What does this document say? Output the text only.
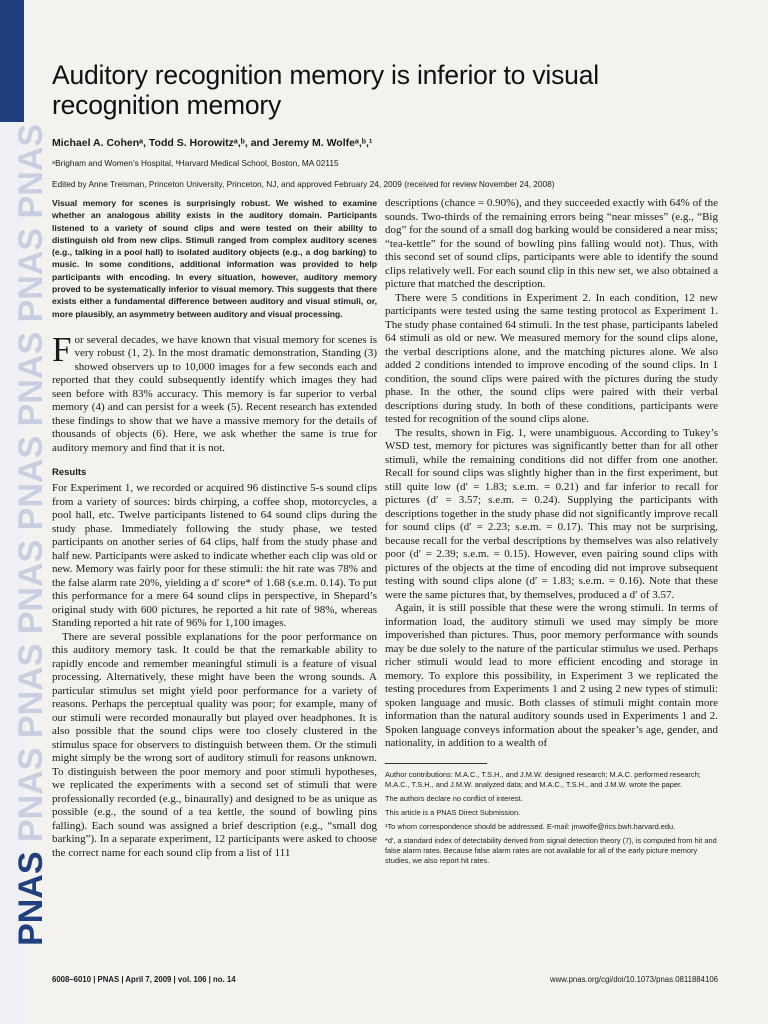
PNAS PNAS PNAS PNAS PNAS PNAS PNAS PNAS
Auditory recognition memory is inferior to visual recognition memory

Michael A. Cohenᵃ, Todd S. Horowitzᵃ,ᵇ, and Jeremy M. Wolfeᵃ,ᵇ,¹

ᵃBrigham and Women’s Hospital, ᵇHarvard Medical School, Boston, MA 02115

Edited by Anne Treisman, Princeton University, Princeton, NJ, and approved February 24, 2009 (received for review November 24, 2008)

Visual memory for scenes is surprisingly robust. We wished to examine whether an analogous ability exists in the auditory domain. Participants listened to a variety of sound clips and were tested on their ability to distinguish old from new clips. Stimuli ranged from complex auditory scenes (e.g., talking in a pool hall) to isolated auditory objects (e.g., a dog barking) to music. In some conditions, additional information was provided to help participants with encoding. In every situation, however, auditory memory proved to be systematically inferior to visual memory. This suggests that there exists either a fundamental difference between auditory and visual stimuli, or, more plausibly, an asymmetry between auditory and visual processing.

For several decades, we have known that visual memory for scenes is very robust (1, 2). In the most dramatic demonstration, Standing (3) showed observers up to 10,000 images for a few seconds each and reported that they could subsequently identify which images they had seen before with 83% accuracy. This memory is far superior to verbal memory (4) and can persist for a week (5). Recent research has extended these findings to show that we have a massive memory for the details of thousands of objects (6). Here, we ask whether the same is true for auditory memory and find that it is not.

Results

For Experiment 1, we recorded or acquired 96 distinctive 5-s sound clips from a variety of sources: birds chirping, a coffee shop, motorcycles, a pool hall, etc. Twelve participants listened to 64 sound clips during the study phase. Immediately following the study phase, we tested participants on another series of 64 clips, half from the study phase and half new. Participants were asked to indicate whether each clip was old or new. Memory was fairly poor for these stimuli: the hit rate was 78% and the false alarm rate 20%, yielding a d′ score* of 1.68 (s.e.m. 0.14). To put this performance for a mere 64 sound clips in perspective, in Shepard’s original study with 600 pictures, he reported a hit rate of 98%, whereas Standing reported a hit rate of 96% for 1,100 images.

There are several possible explanations for the poor performance on this auditory memory task. It could be that the remarkable ability to rapidly encode and remember meaningful stimuli is a feature of visual processing. Alternatively, these might have been the wrong sounds. A particular stimulus set might yield poor performance for a variety of reasons. Perhaps the perceptual quality was poor; for example, many of our stimuli were recorded monaurally but played over headphones. It is also possible that the sound clips were too closely clustered in the stimulus space for observers to distinguish between them. Or the stimuli might simply be the wrong sort of auditory stimuli for reasons unknown. To distinguish between the poor memory and poor stimuli hypotheses, we replicated the experiments with a second set of stimuli that were professionally recorded (e.g., binaurally) and designed to be as unique as possible (e.g., the sound of a tea kettle, the sound of bowling pins falling). Each sound was assigned a brief description (e.g., “small dog barking”). In a separate experiment, 12 participants were asked to choose the correct name for each sound clip from a list of 111

descriptions (chance = 0.90%), and they succeeded exactly with 64% of the sounds. Two-thirds of the remaining errors being “near misses” (e.g., “Big dog” for the sound of a small dog barking would be considered a near miss; “tea-kettle” for the sound of bowling pins falling would not). Thus, with this second set of sound clips, participants were able to identify the sound clips relatively well. For each sound clip in this new set, we also obtained a picture that matched the description.

There were 5 conditions in Experiment 2. In each condition, 12 new participants were tested using the same testing protocol as Experiment 1. The study phase contained 64 stimuli. In the test phase, participants labeled 64 stimuli as old or new. We measured memory for the sound clips alone, the verbal descriptions alone, and the matching pictures alone. We also added 2 conditions intended to improve encoding of the sound clips. In 1 condition, the sound clips were paired with the pictures during the study phase. In the other, the sound clips were paired with their verbal descriptions during study. In both of these conditions, participants were tested for recognition of the sound clips alone.

The results, shown in Fig. 1, were unambiguous. According to Tukey’s WSD test, memory for pictures was significantly better than for all other stimuli, while the remaining conditions did not differ from one another. Recall for sound clips was slightly higher than in the first experiment, but still quite low (d′ = 1.83; s.e.m. = 0.21) and far inferior to recall for pictures (d′ = 3.57; s.e.m. = 0.24). Supplying the participants with descriptions together in the study phase did not significantly improve recall for sound clips (d′ = 2.23; s.e.m. = 0.17). This may not be surprising, because recall for the verbal descriptions by themselves was also relatively poor (d′ = 2.39; s.e.m. = 0.15). However, even pairing sound clips with pictures of the objects at the time of encoding did not improve subsequent testing with sound clips alone (d′ = 1.83; s.e.m. = 0.16). Note that these were the same pictures that, by themselves, produced a d′ of 3.57.

Again, it is still possible that these were the wrong stimuli. In terms of information load, the auditory stimuli we used may simply be more impoverished than pictures. Thus, poor memory performance with sounds may be due solely to the nature of the particular stimulus we used. Perhaps richer stimuli would lead to more efficient encoding and storage in memory. To explore this possibility, in Experiment 3 we replicated the testing procedures from Experiments 1 and 2 using 2 new types of stimuli: spoken language and music. Both classes of stimuli might contain more information than the natural auditory sounds used in Experiments 1 and 2. Spoken language conveys information about the speaker’s age, gender, and nationality, in addition to a wealth of

Author contributions: M.A.C., T.S.H., and J.M.W. designed research; M.A.C. performed research; M.A.C., T.S.H., and J.M.W. analyzed data; and M.A.C., T.S.H., and J.M.W. wrote the paper.

The authors declare no conflict of interest.

This article is a PNAS Direct Submission.

¹To whom correspondence should be addressed. E-mail: jmwolfe@rics.bwh.harvard.edu.

*d′, a standard index of detectability derived from signal detection theory (7), is computed from hit and false alarm rates. Because false alarm rates are not available for all of the early picture memory studies, we also report hit rates.

6008–6010 | PNAS | April 7, 2009 | vol. 106 | no. 14	www.pnas.org/cgi/doi/10.1073/pnas.0811884106
